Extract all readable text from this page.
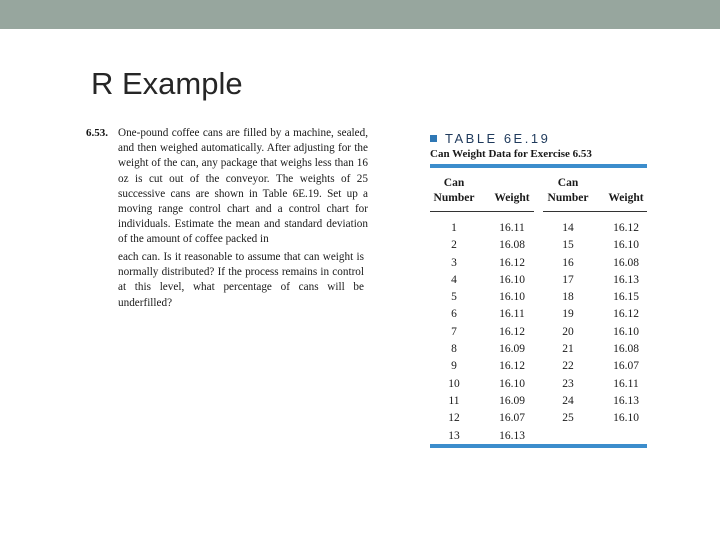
R Example
6.53. One-pound coffee cans are filled by a machine, sealed, and then weighed automatically. After adjusting for the weight of the can, any package that weighs less than 16 oz is cut out of the conveyor. The weights of 25 successive cans are shown in Table 6E.19. Set up a moving range control chart and a control chart for individuals. Estimate the mean and standard deviation of the amount of coffee packed in
each can. Is it reasonable to assume that can weight is normally distributed? If the process remains in control at this level, what percentage of cans will be underfilled?
TABLE 6E.19
Can Weight Data for Exercise 6.53
Can Number	Weight
Can Number	Weight
1
2
3
4
5
6
7
8
9
10
11
12
13
16.11
16.08
16.12
16.10
16.10
16.11
16.12
16.09
16.12
16.10
16.09
16.07
16.13
14
15
16
17
18
19
20
21
22
23
24
25
16.12
16.10
16.08
16.13
16.15
16.12
16.10
16.08
16.07
16.11
16.13
16.10
